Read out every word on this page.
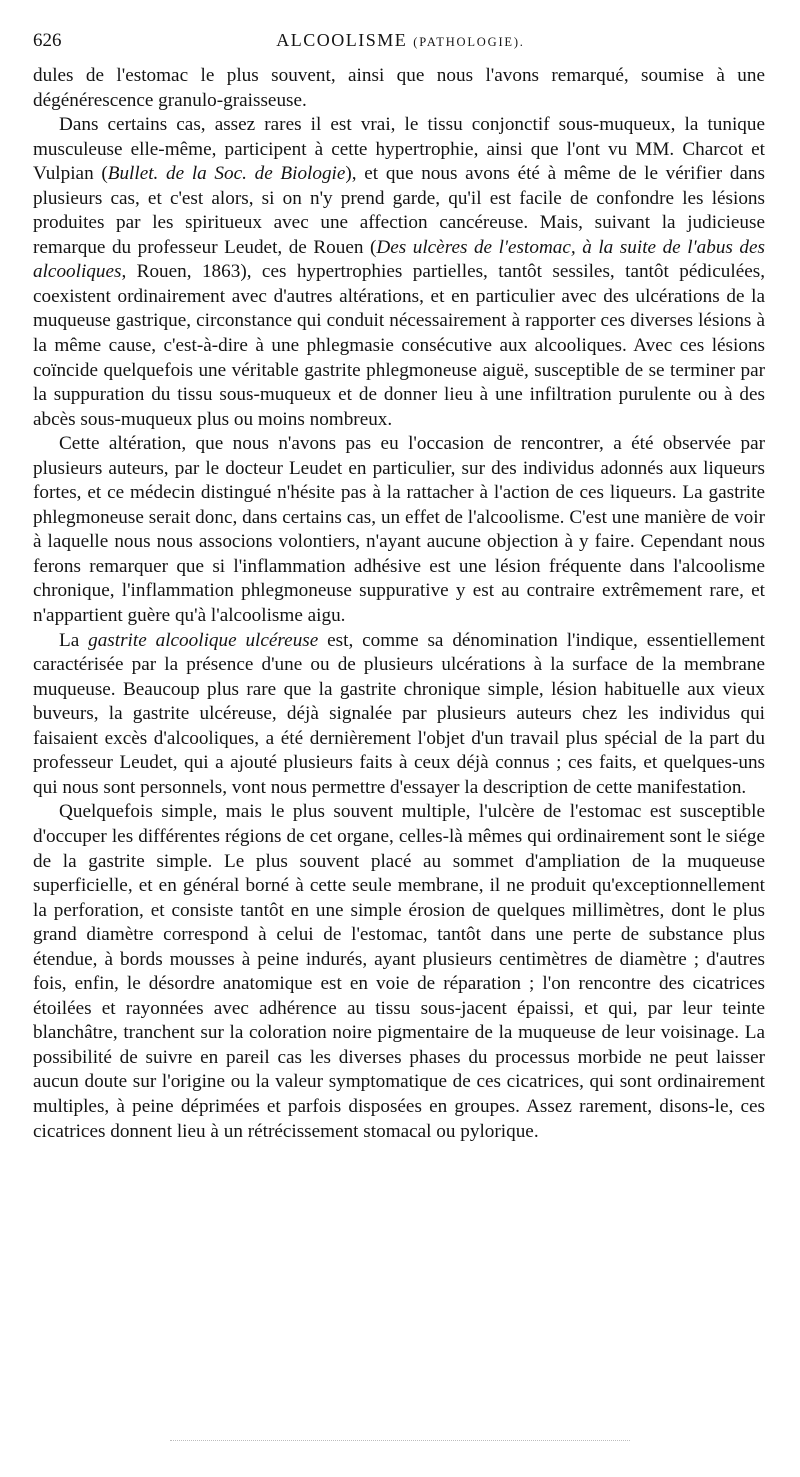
626	ALCOOLISME (PATHOLOGIE).

dules de l'estomac le plus souvent, ainsi que nous l'avons remarqué, soumise à une dégénérescence granulo-graisseuse.

Dans certains cas, assez rares il est vrai, le tissu conjonctif sous-muqueux, la tunique musculeuse elle-même, participent à cette hypertrophie, ainsi que l'ont vu MM. Charcot et Vulpian (Bullet. de la Soc. de Biologie), et que nous avons été à même de le vérifier dans plusieurs cas, et c'est alors, si on n'y prend garde, qu'il est facile de confondre les lésions produites par les spiritueux avec une affection cancéreuse. Mais, suivant la judicieuse remarque du professeur Leudet, de Rouen (Des ulcères de l'estomac, à la suite de l'abus des alcooliques, Rouen, 1863), ces hypertrophies partielles, tantôt sessiles, tantôt pédiculées, coexistent ordinairement avec d'autres altérations, et en particulier avec des ulcérations de la muqueuse gastrique, circonstance qui conduit nécessairement à rapporter ces diverses lésions à la même cause, c'est-à-dire à une phlegmasie consécutive aux alcooliques. Avec ces lésions coïncide quelquefois une véritable gastrite phlegmoneuse aiguë, susceptible de se terminer par la suppuration du tissu sous-muqueux et de donner lieu à une infiltration purulente ou à des abcès sous-muqueux plus ou moins nombreux.

Cette altération, que nous n'avons pas eu l'occasion de rencontrer, a été observée par plusieurs auteurs, par le docteur Leudet en particulier, sur des individus adonnés aux liqueurs fortes, et ce médecin distingué n'hésite pas à la rattacher à l'action de ces liqueurs. La gastrite phlegmoneuse serait donc, dans certains cas, un effet de l'alcoolisme. C'est une manière de voir à laquelle nous nous associons volontiers, n'ayant aucune objection à y faire. Cependant nous ferons remarquer que si l'inflammation adhésive est une lésion fréquente dans l'alcoolisme chronique, l'inflammation phlegmoneuse suppurative y est au contraire extrêmement rare, et n'appartient guère qu'à l'alcoolisme aigu.

La gastrite alcoolique ulcéreuse est, comme sa dénomination l'indique, essentiellement caractérisée par la présence d'une ou de plusieurs ulcérations à la surface de la membrane muqueuse. Beaucoup plus rare que la gastrite chronique simple, lésion habituelle aux vieux buveurs, la gastrite ulcéreuse, déjà signalée par plusieurs auteurs chez les individus qui faisaient excès d'alcooliques, a été dernièrement l'objet d'un travail plus spécial de la part du professeur Leudet, qui a ajouté plusieurs faits à ceux déjà connus ; ces faits, et quelques-uns qui nous sont personnels, vont nous permettre d'essayer la description de cette manifestation.

Quelquefois simple, mais le plus souvent multiple, l'ulcère de l'estomac est susceptible d'occuper les différentes régions de cet organe, celles-là mêmes qui ordinairement sont le siége de la gastrite simple. Le plus souvent placé au sommet d'ampliation de la muqueuse superficielle, et en général borné à cette seule membrane, il ne produit qu'exceptionnellement la perforation, et consiste tantôt en une simple érosion de quelques millimètres, dont le plus grand diamètre correspond à celui de l'estomac, tantôt dans une perte de substance plus étendue, à bords mousses à peine indurés, ayant plusieurs centimètres de diamètre ; d'autres fois, enfin, le désordre anatomique est en voie de réparation ; l'on rencontre des cicatrices étoilées et rayonnées avec adhérence au tissu sous-jacent épaissi, et qui, par leur teinte blanchâtre, tranchent sur la coloration noire pigmentaire de la muqueuse de leur voisinage. La possibilité de suivre en pareil cas les diverses phases du processus morbide ne peut laisser aucun doute sur l'origine ou la valeur symptomatique de ces cicatrices, qui sont ordinairement multiples, à peine déprimées et parfois disposées en groupes. Assez rarement, disons-le, ces cicatrices donnent lieu à un rétrécissement stomacal ou pylorique.
